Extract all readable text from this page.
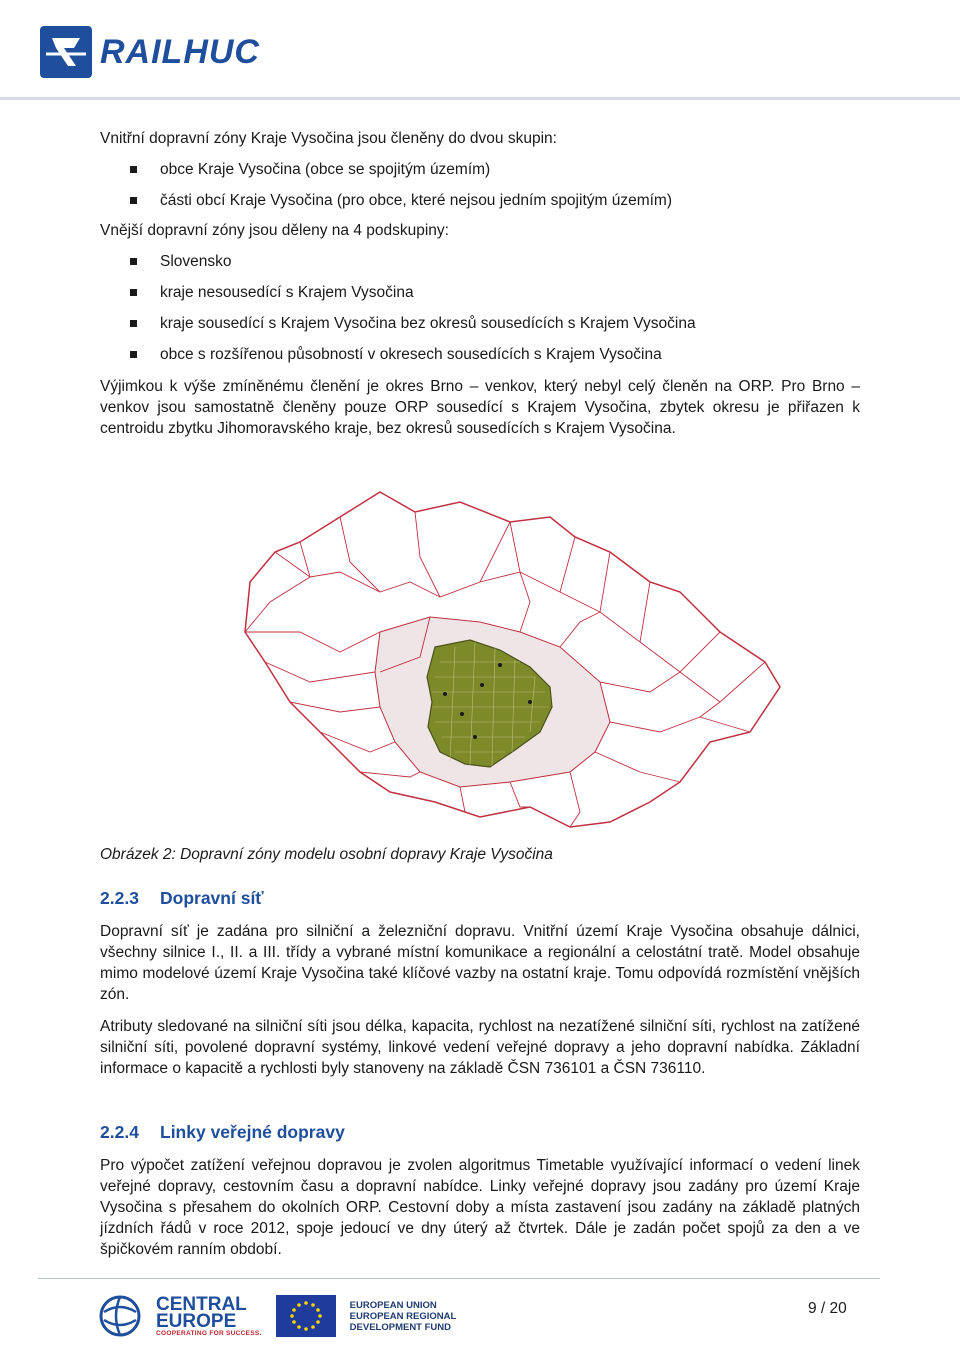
RAILHUC

Vnitřní dopravní zóny Kraje Vysočina jsou členěny do dvou skupin:

obce Kraje Vysočina (obce se spojitým územím)
části obcí Kraje Vysočina (pro obce, které nejsou jedním spojitým územím)

Vnější dopravní zóny jsou děleny na 4 podskupiny:

Slovensko
kraje nesousedící s Krajem Vysočina
kraje sousedící s Krajem Vysočina bez okresů sousedících s Krajem Vysočina
obce s rozšířenou působností v okresech sousedících s Krajem Vysočina

Výjimkou k výše zmíněnému členění je okres Brno – venkov, který nebyl celý členěn na ORP. Pro Brno – venkov jsou samostatně členěny pouze ORP sousedící s Krajem Vysočina, zbytek okresu je přiřazen k centroidu zbytku Jihomoravského kraje, bez okresů sousedících s Krajem Vysočina.

Obrázek 2: Dopravní zóny modelu osobní dopravy Kraje Vysočina
2.2.3 Dopravní síť

Dopravní síť je zadána pro silniční a železniční dopravu. Vnitřní území Kraje Vysočina obsahuje dálnici, všechny silnice I., II. a III. třídy a vybrané místní komunikace a regionální a celostátní tratě. Model obsahuje mimo modelové území Kraje Vysočina také klíčové vazby na ostatní kraje. Tomu odpovídá rozmístění vnějších zón.

Atributy sledované na silniční síti jsou délka, kapacita, rychlost na nezatížené silniční síti, rychlost na zatížené silniční síti, povolené dopravní systémy, linkové vedení veřejné dopravy a jeho dopravní nabídka. Základní informace o kapacitě a rychlosti byly stanoveny na základě ČSN 736101 a ČSN 736110.

2.2.4 Linky veřejné dopravy

Pro výpočet zatížení veřejnou dopravou je zvolen algoritmus Timetable využívající informací o vedení linek veřejné dopravy, cestovním času a dopravní nabídce. Linky veřejné dopravy jsou zadány pro území Kraje Vysočina s přesahem do okolních ORP. Cestovní doby a místa zastavení jsou zadány na základě platných jízdních řádů v roce 2012, spoje jedoucí ve dny úterý až čtvrtek. Dále je zadán počet spojů za den a ve špičkovém ranním období.

CENTRAL
EUROPE
COOPERATING FOR SUCCESS.
EUROPEAN UNION
EUROPEAN REGIONAL
DEVELOPMENT FUND
9 / 20
